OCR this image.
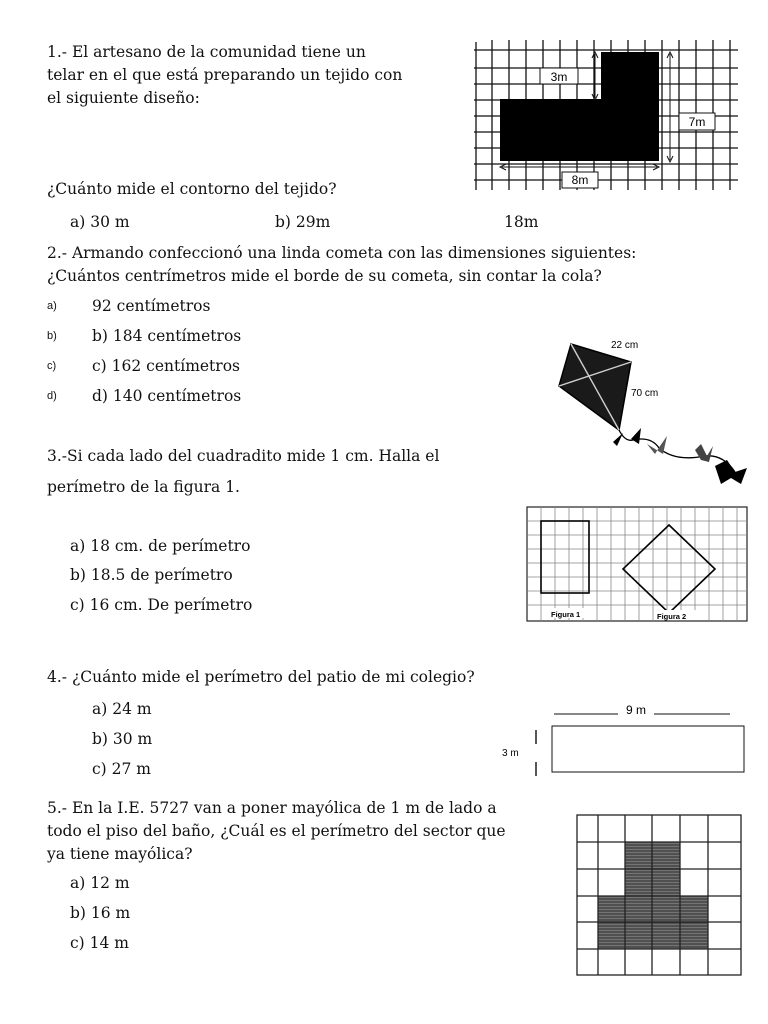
1.- El artesano de la comunidad tiene un
telar en el que está preparando un tejido con
el siguiente diseño:
¿Cuánto mide el contorno del tejido?
a) 30 m	b) 29m	18m
3m
7m
8m
2.- Armando confeccionó una linda cometa con las dimensiones siguientes:
¿Cuántos centrímetros mide el borde de su cometa, sin contar la cola?
a) 92 centímetros
b) b) 184 centímetros
c) c) 162 centímetros
d) d) 140 centímetros
22 cm
70 cm
3.-Si cada lado del cuadradito mide 1 cm. Halla el
perímetro de la figura 1.
a) 18 cm. de perímetro
b) 18.5 de perímetro
c) 16 cm. De perímetro
Figura 1	Figura 2
4.- ¿Cuánto mide el perímetro del patio de mi colegio?
a) 24 m
b) 30 m
c) 27 m
9 m
3 m
5.- En la I.E. 5727 van a poner mayólica de 1 m de lado a
todo el piso del baño, ¿Cuál es el perímetro del sector que
ya tiene mayólica?
a) 12 m
b) 16 m
c) 14 m
